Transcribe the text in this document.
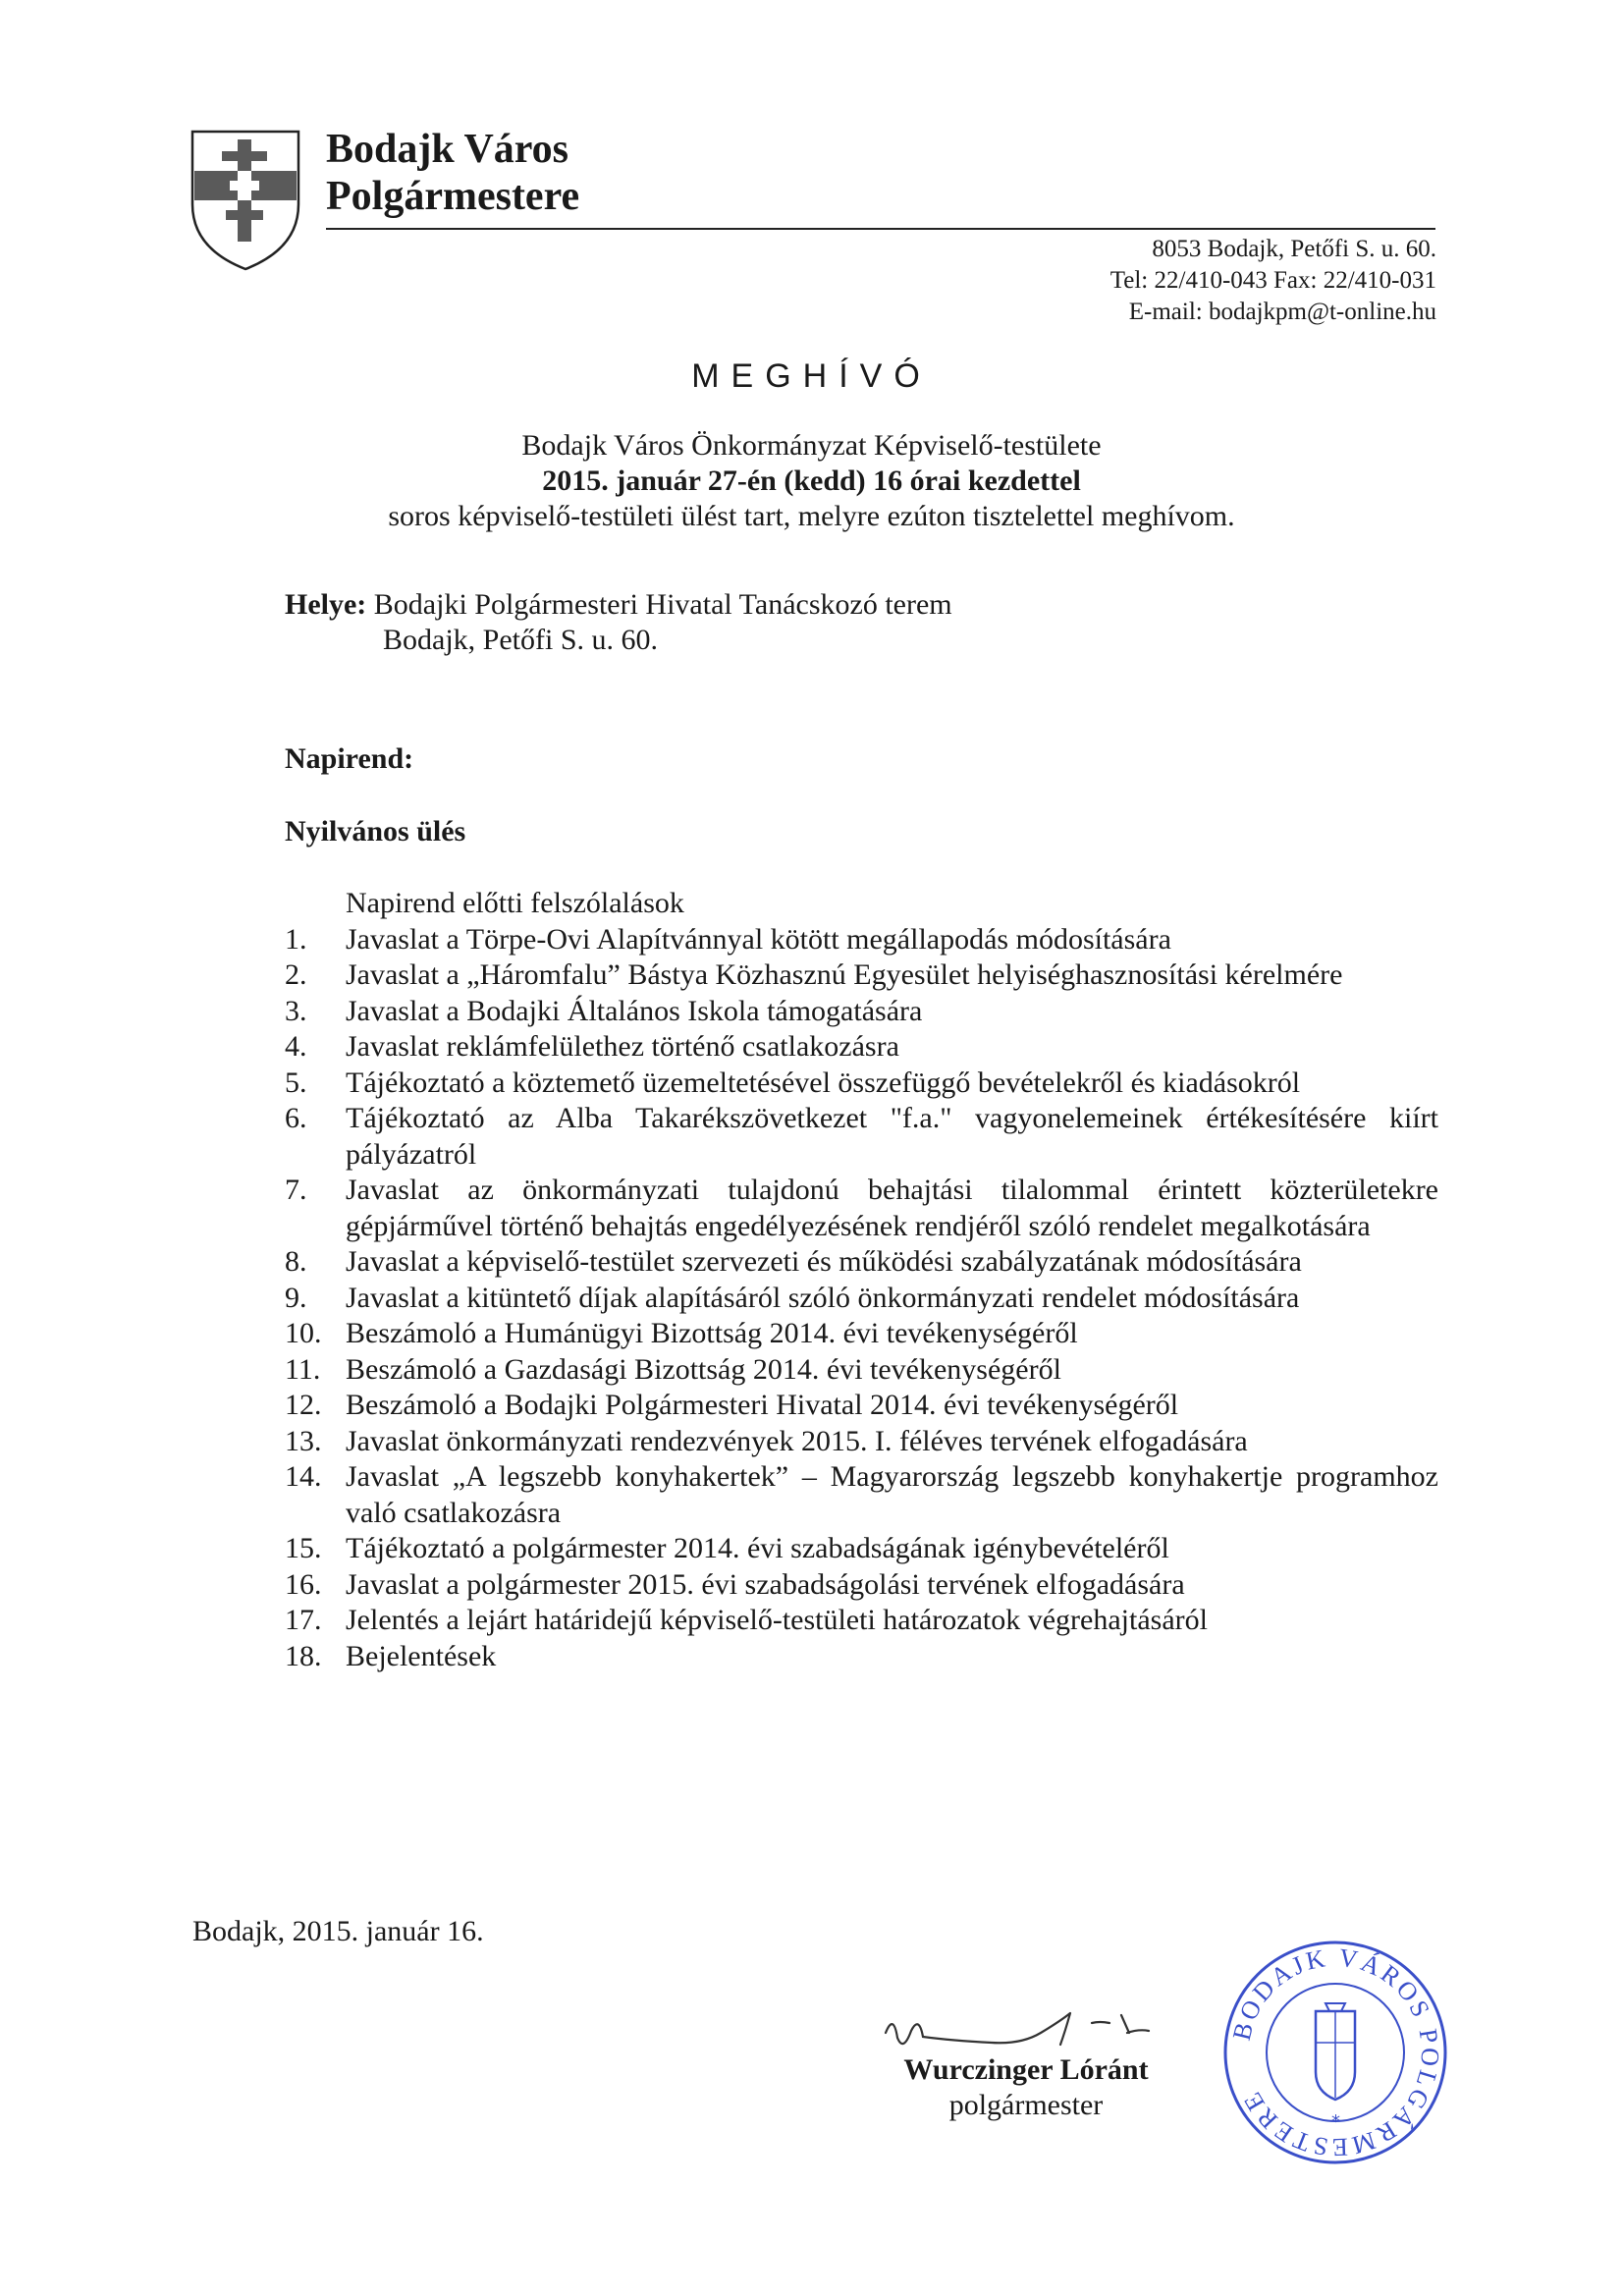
Bodajk Város
Polgármestere
8053 Bodajk, Petőfi S. u. 60.
Tel: 22/410-043 Fax: 22/410-031
E-mail: bodajkpm@t-online.hu
MEGHÍVÓ
Bodajk Város Önkormányzat Képviselő-testülete
2015. január 27-én (kedd) 16 órai kezdettel
soros képviselő-testületi ülést tart, melyre ezúton tisztelettel meghívom.
Helye: Bodajki Polgármesteri Hivatal Tanácskozó terem
Bodajk, Petőfi S. u. 60.
Napirend:
Nyilvános ülés
Napirend előtti felszólalások
1.	Javaslat a Törpe-Ovi Alapítvánnyal kötött megállapodás módosítására
2.	Javaslat a „Háromfalu” Bástya Közhasznú Egyesület helyiséghasznosítási kérelmére
3.	Javaslat a Bodajki Általános Iskola támogatására
4.	Javaslat reklámfelülethez történő csatlakozásra
5.	Tájékoztató a köztemető üzemeltetésével összefüggő bevételekről és kiadásokról
6.	Tájékoztató az Alba Takarékszövetkezet "f.a." vagyonelemeinek értékesítésére kiírt pályázatról
7.	Javaslat az önkormányzati tulajdonú behajtási tilalommal érintett közterületekre gépjárművel történő behajtás engedélyezésének rendjéről szóló rendelet megalkotására
8.	Javaslat a képviselő-testület szervezeti és működési szabályzatának módosítására
9.	Javaslat a kitüntető díjak alapításáról szóló önkormányzati rendelet módosítására
10. Beszámoló a Humánügyi Bizottság 2014. évi tevékenységéről
11. Beszámoló a Gazdasági Bizottság 2014. évi tevékenységéről
12. Beszámoló a Bodajki Polgármesteri Hivatal 2014. évi tevékenységéről
13. Javaslat önkormányzati rendezvények 2015. I. féléves tervének elfogadására
14. Javaslat „A legszebb konyhakertek” – Magyarország legszebb konyhakertje programhoz való csatlakozásra
15. Tájékoztató a polgármester 2014. évi szabadságának igénybevételéről
16. Javaslat a polgármester 2015. évi szabadságolási tervének elfogadására
17. Jelentés a lejárt határidejű képviselő-testületi határozatok végrehajtásáról
18. Bejelentések
Bodajk, 2015. január 16.
Wurczinger Lóránt
polgármester
BODAJK VÁROS POLGÁRMESTERE
*
